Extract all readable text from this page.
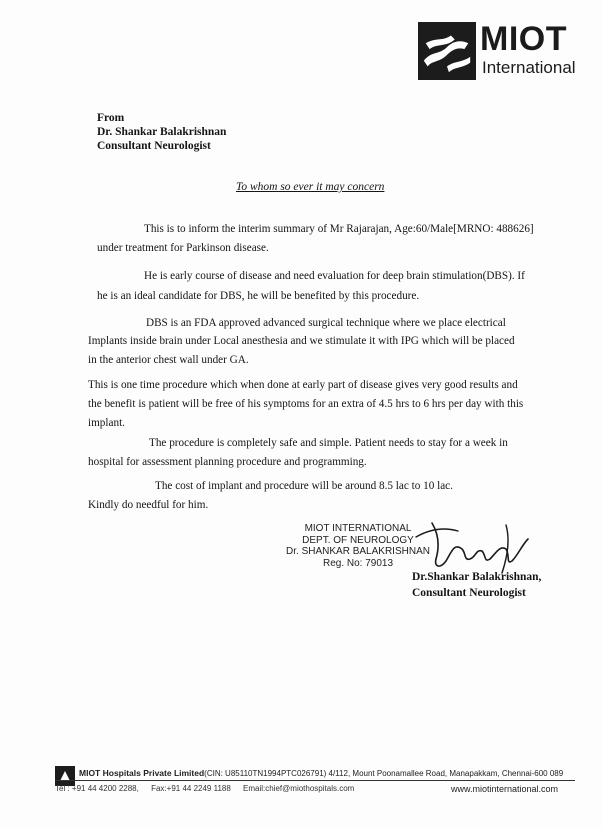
MIOT
International
From
Dr. Shankar Balakrishnan
Consultant Neurologist
To whom so ever it may concern
This is to inform the interim summary of Mr Rajarajan, Age:60/Male[MRNO: 488626]
under treatment for Parkinson disease.
He is early course of disease and need evaluation for deep brain stimulation(DBS). If
he is an ideal candidate for DBS, he will be benefited by this procedure.
DBS is an FDA approved advanced surgical technique where we place electrical
Implants inside brain under Local anesthesia and we stimulate it with IPG which will be placed
in the anterior chest wall under GA.
This is one time procedure which when done at early part of disease gives very good results and
the benefit is patient will be free of his symptoms for an extra of 4.5 hrs to 6 hrs per day with this
implant.
The procedure is completely safe and simple. Patient needs to stay for a week in
hospital for assessment planning procedure and programming.
The cost of implant and procedure will be around 8.5 lac to 10 lac.
Kindly do needful for him.
MIOT INTERNATIONAL
DEPT. OF NEUROLOGY
Dr. SHANKAR BALAKRISHNAN
Reg. No: 79013
Dr.Shankar Balakrishnan,
Consultant Neurologist
MIOT Hospitals Private Limited(CIN: U85110TN1994PTC026791) 4/112, Mount Poonamallee Road, Manapakkam, Chennai-600 089
Tel : +91 44 4200 2288, Fax:+91 44 2249 1188 Email:chief@miothospitals.com	www.miotinternational.com
